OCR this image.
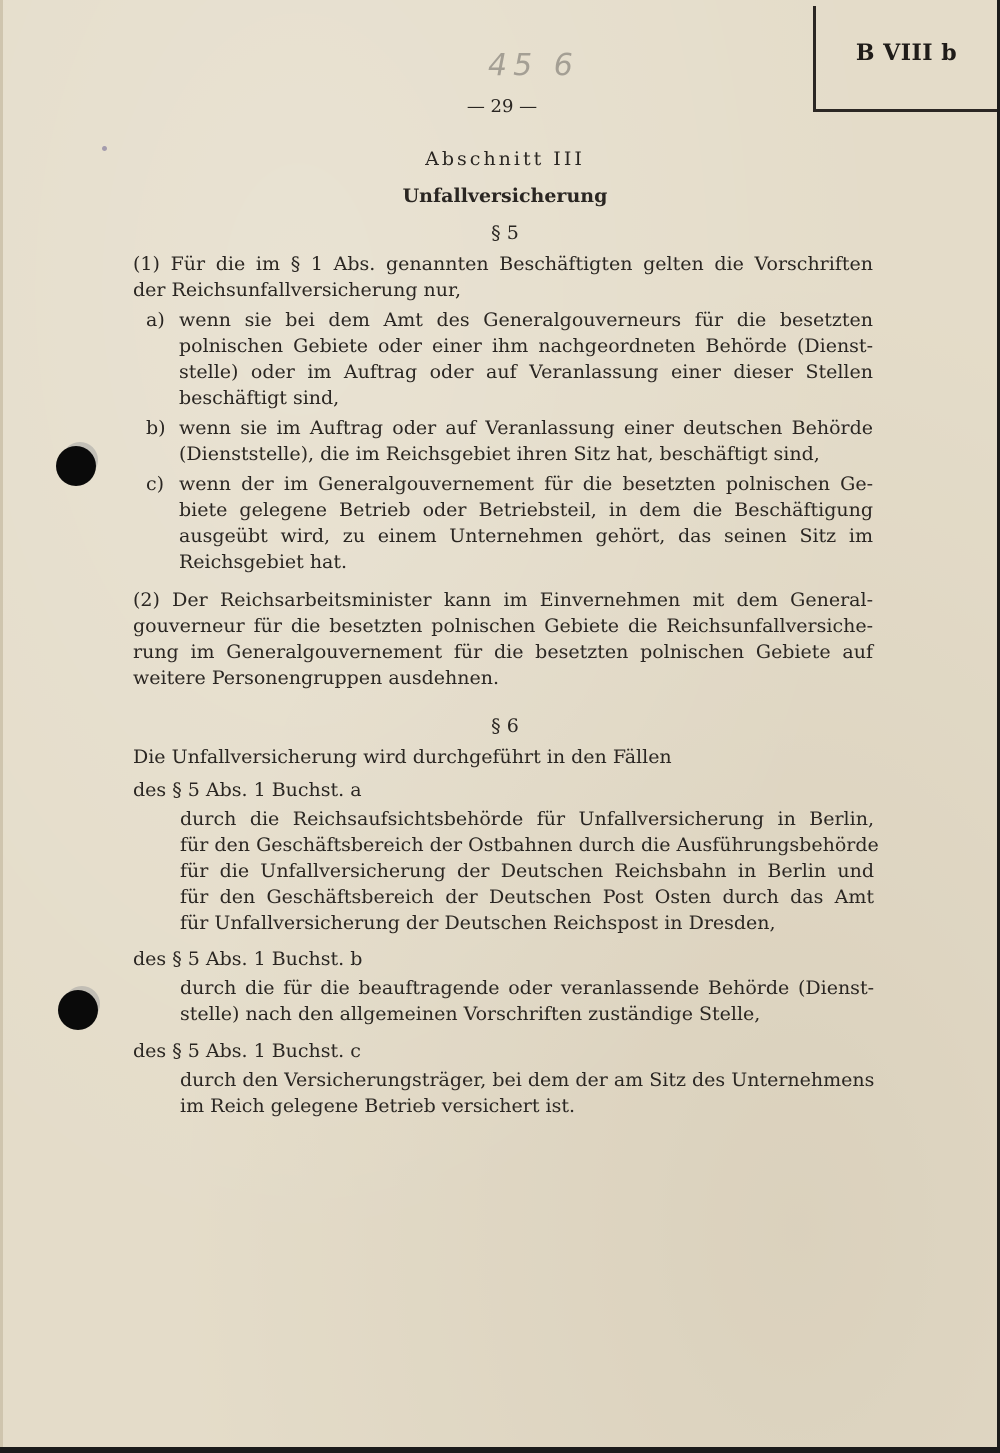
B VIII b
45 6
— 29 —
Abschnitt III
Unfallversicherung
§ 5
(1) Für die im § 1 Abs. genannten Beschäftigten gelten die Vorschriften
der Reichsunfallversicherung nur,
a) wenn sie bei dem Amt des Generalgouverneurs für die besetzten
polnischen Gebiete oder einer ihm nachgeordneten Behörde (Dienst-
stelle) oder im Auftrag oder auf Veranlassung einer dieser Stellen
beschäftigt sind,
b) wenn sie im Auftrag oder auf Veranlassung einer deutschen Behörde
(Dienststelle), die im Reichsgebiet ihren Sitz hat, beschäftigt sind,
c) wenn der im Generalgouvernement für die besetzten polnischen Ge-
biete gelegene Betrieb oder Betriebsteil, in dem die Beschäftigung
ausgeübt wird, zu einem Unternehmen gehört, das seinen Sitz im
Reichsgebiet hat.
(2) Der Reichsarbeitsminister kann im Einvernehmen mit dem General-
gouverneur für die besetzten polnischen Gebiete die Reichsunfallversiche-
rung im Generalgouvernement für die besetzten polnischen Gebiete auf
weitere Personengruppen ausdehnen.
§ 6
Die Unfallversicherung wird durchgeführt in den Fällen
des § 5 Abs. 1 Buchst. a
durch die Reichsaufsichtsbehörde für Unfallversicherung in Berlin,
für den Geschäftsbereich der Ostbahnen durch die Ausführungsbehörde
für die Unfallversicherung der Deutschen Reichsbahn in Berlin und
für den Geschäftsbereich der Deutschen Post Osten durch das Amt
für Unfallversicherung der Deutschen Reichspost in Dresden,
des § 5 Abs. 1 Buchst. b
durch die für die beauftragende oder veranlassende Behörde (Dienst-
stelle) nach den allgemeinen Vorschriften zuständige Stelle,
des § 5 Abs. 1 Buchst. c
durch den Versicherungsträger, bei dem der am Sitz des Unternehmens
im Reich gelegene Betrieb versichert ist.
